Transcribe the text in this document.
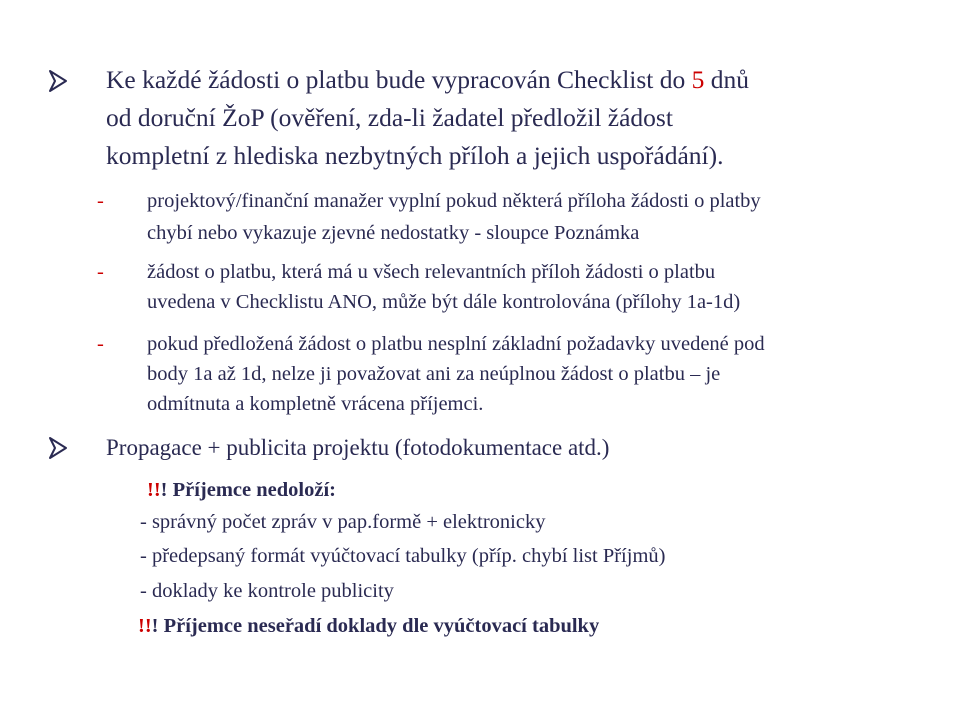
Ke každé žádosti o platbu bude vypracován Checklist do 5 dnů
od doruční ŽoP (ověření, zda-li žadatel předložil žádost
kompletní z hlediska nezbytných příloh a jejich uspořádání).
- projektový/finanční manažer vyplní pokud některá příloha žádosti o platby
chybí nebo vykazuje zjevné nedostatky - sloupce Poznámka
- žádost o platbu, která má u všech relevantních příloh žádosti o platbu
uvedena v Checklistu ANO, může být dále kontrolována (přílohy 1a-1d)
- pokud předložená žádost o platbu nesplní základní požadavky uvedené pod
body 1a až 1d, nelze ji považovat ani za neúplnou žádost o platbu – je
odmítnuta a kompletně vrácena příjemci.
Propagace + publicita projektu (fotodokumentace atd.)
!!! Příjemce nedoloží:
- správný počet zpráv v pap.formě + elektronicky
- předepsaný formát vyúčtovací tabulky (příp. chybí list Příjmů)
- doklady ke kontrole publicity
!!! Příjemce neseřadí doklady dle vyúčtovací tabulky
